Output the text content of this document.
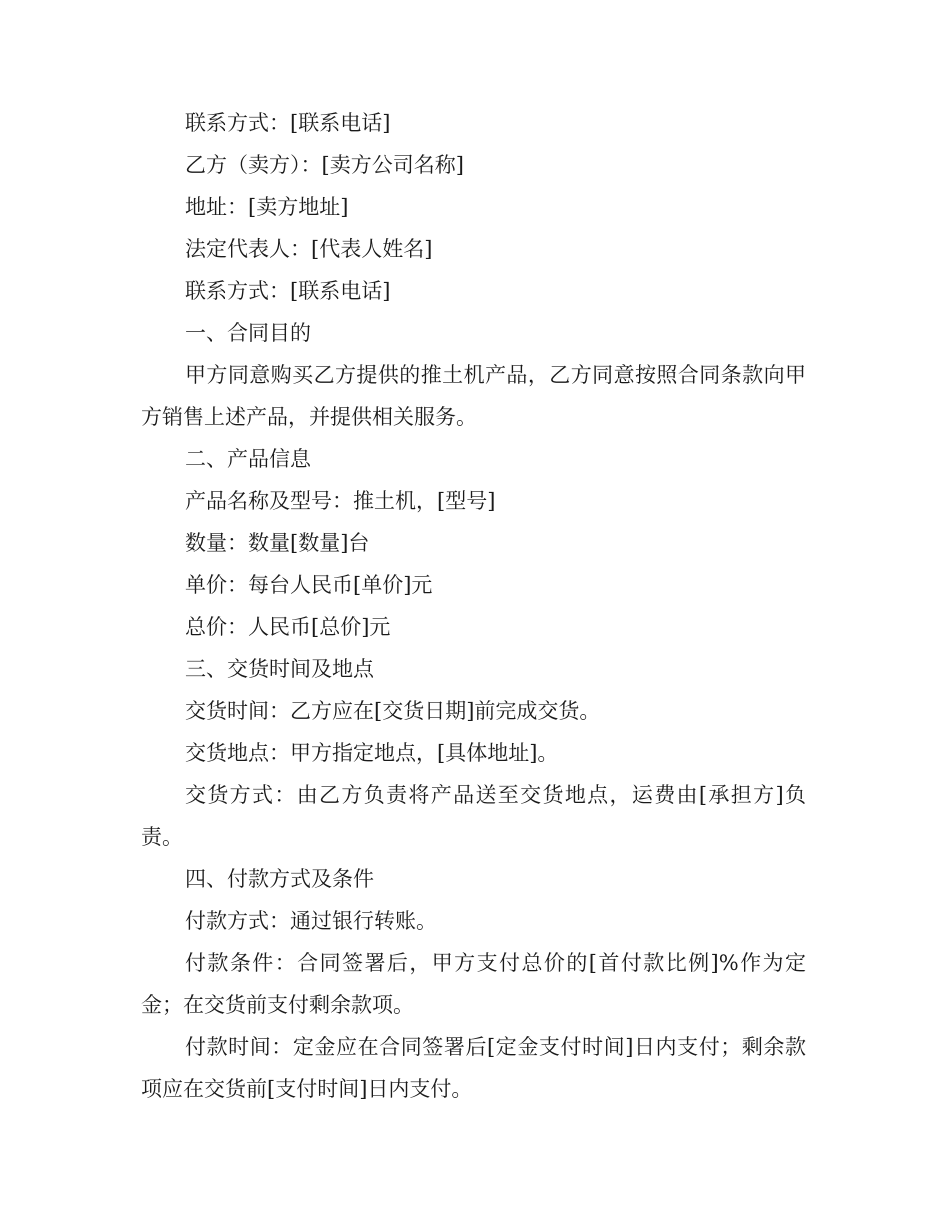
联系方式：[联系电话]

乙方（卖方）：[卖方公司名称]

地址：[卖方地址]

法定代表人：[代表人姓名]

联系方式：[联系电话]

一、合同目的

甲方同意购买乙方提供的推土机产品，乙方同意按照合同条款向甲方销售上述产品，并提供相关服务。

二、产品信息

产品名称及型号：推土机，[型号]

数量：数量[数量]台

单价：每台人民币[单价]元

总价：人民币[总价]元

三、交货时间及地点

交货时间：乙方应在[交货日期]前完成交货。

交货地点：甲方指定地点，[具体地址]。

交货方式：由乙方负责将产品送至交货地点，运费由[承担方]负责。

四、付款方式及条件

付款方式：通过银行转账。

付款条件：合同签署后，甲方支付总价的[首付款比例]%作为定金；在交货前支付剩余款项。

付款时间：定金应在合同签署后[定金支付时间]日内支付；剩余款项应在交货前[支付时间]日内支付。
